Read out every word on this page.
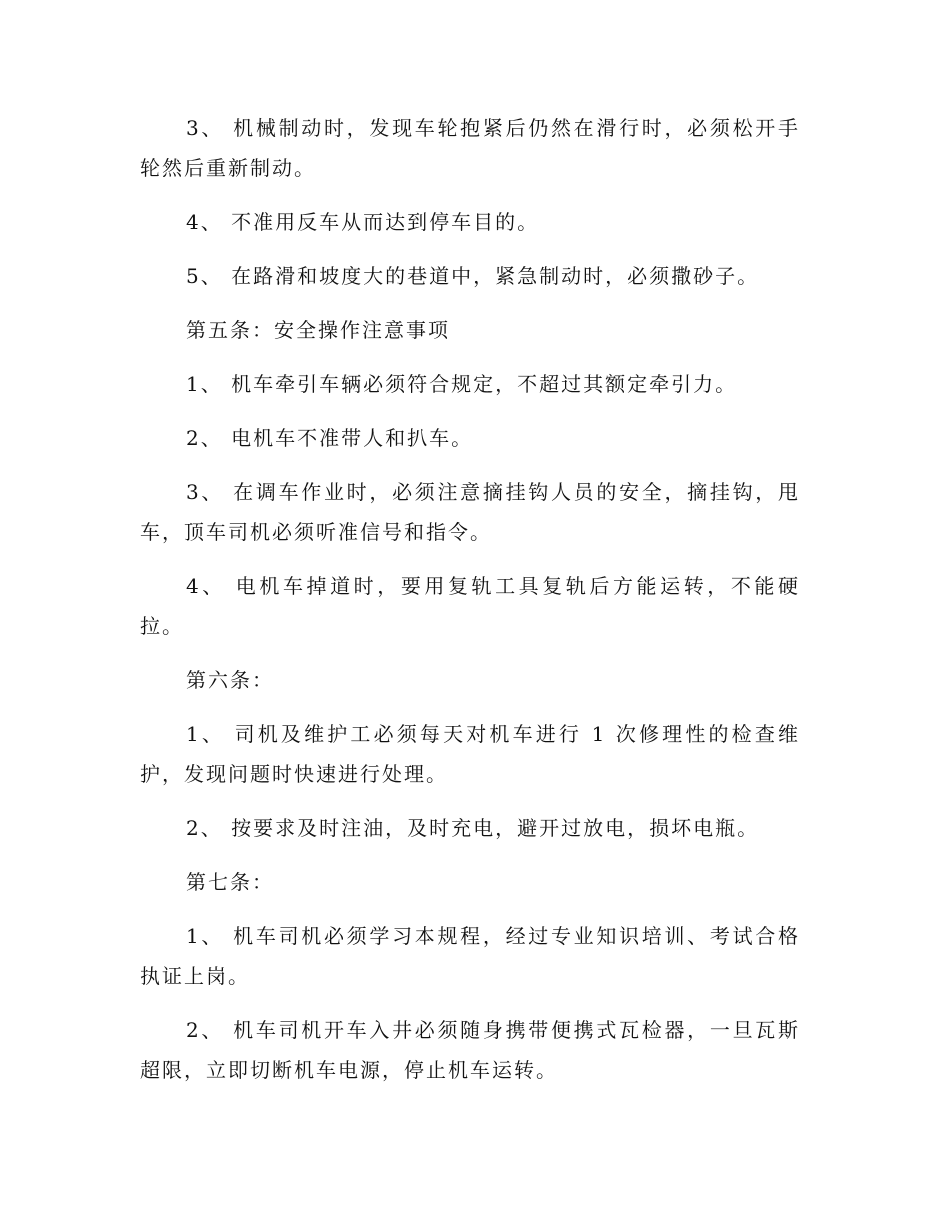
3、 机械制动时，发现车轮抱紧后仍然在滑行时，必须松开手轮然后重新制动。

4、 不准用反车从而达到停车目的。

5、 在路滑和坡度大的巷道中，紧急制动时，必须撒砂子。

第五条：安全操作注意事项

1、 机车牵引车辆必须符合规定，不超过其额定牵引力。

2、 电机车不准带人和扒车。

3、 在调车作业时，必须注意摘挂钩人员的安全，摘挂钩，甩车，顶车司机必须听准信号和指令。

4、 电机车掉道时，要用复轨工具复轨后方能运转，不能硬拉。

第六条：

1、 司机及维护工必须每天对机车进行 1 次修理性的检查维护，发现问题时快速进行处理。

2、 按要求及时注油，及时充电，避开过放电，损坏电瓶。

第七条：

1、 机车司机必须学习本规程，经过专业知识培训、考试合格执证上岗。

2、 机车司机开车入井必须随身携带便携式瓦检器，一旦瓦斯超限，立即切断机车电源，停止机车运转。
